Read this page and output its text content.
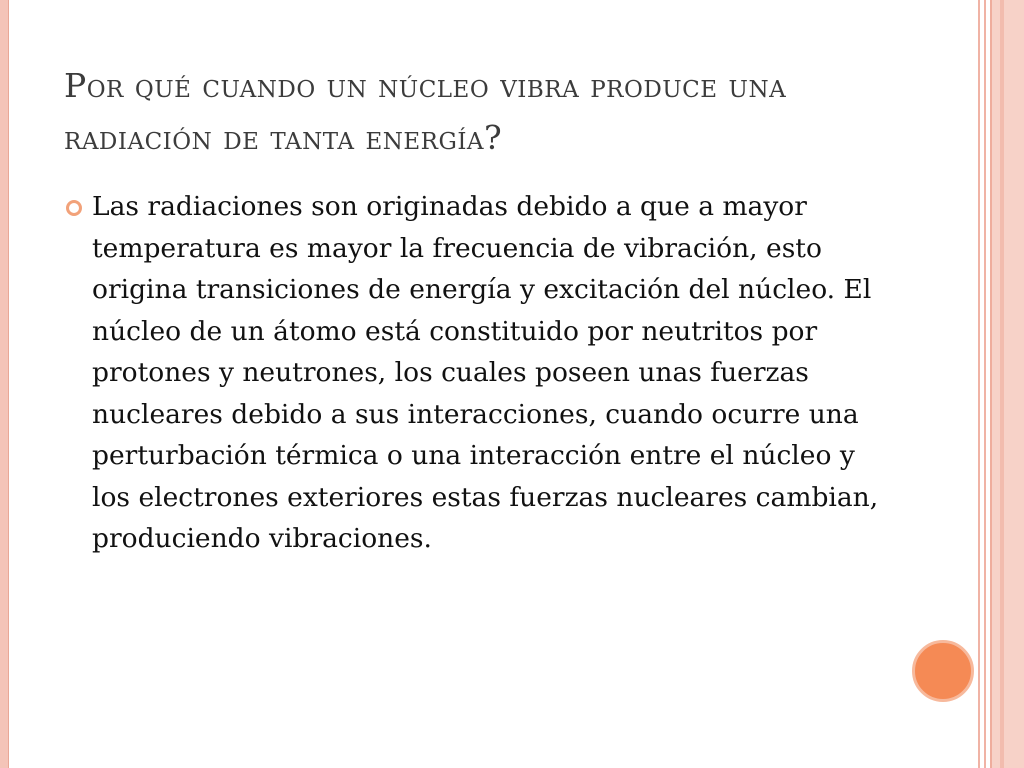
Por qué cuando un núcleo vibra produce una radiación de tanta energía?

Las radiaciones son originadas debido a que a mayor temperatura es mayor la frecuencia de vibración, esto origina transiciones de energía y excitación del núcleo. El núcleo de un átomo está constituido por neutritos por protones y neutrones, los cuales poseen unas fuerzas nucleares debido a sus interacciones, cuando ocurre una perturbación térmica o una interacción entre el núcleo y los electrones exteriores estas fuerzas nucleares cambian, produciendo vibraciones.
